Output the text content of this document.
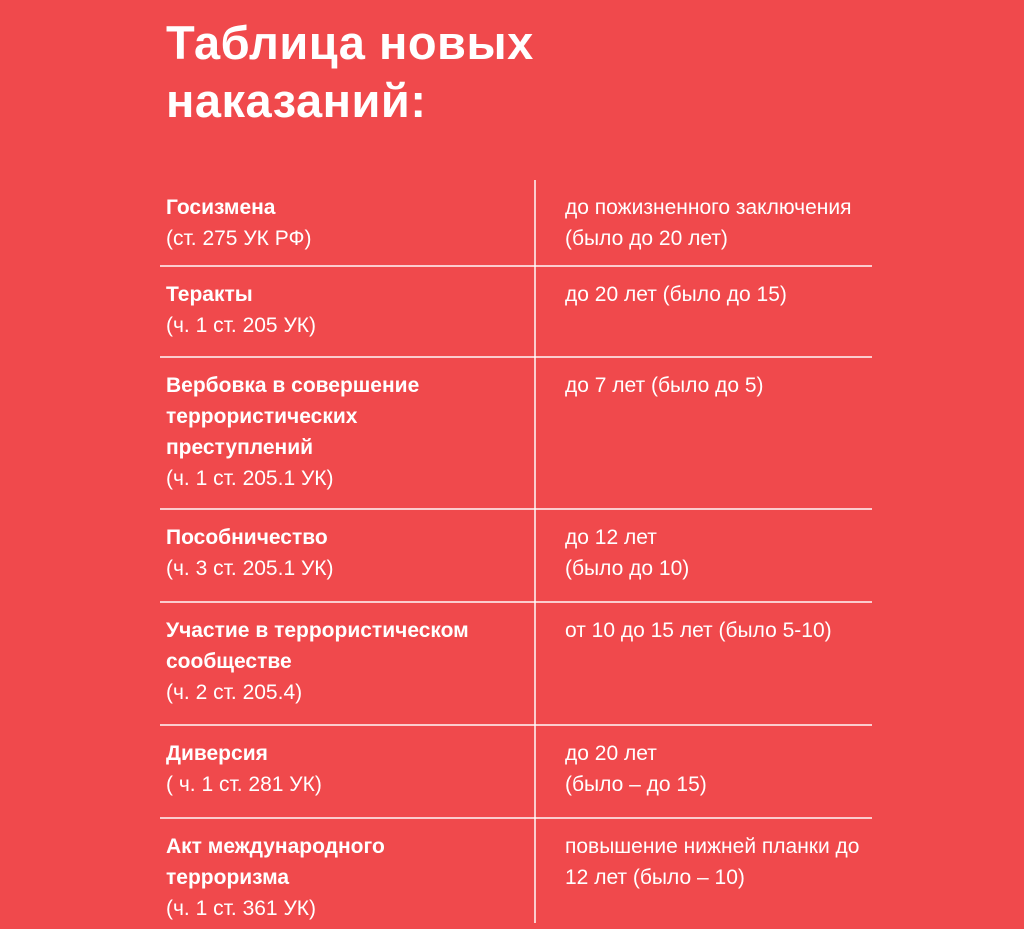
Таблица новых
наказаний:
Госизмена
(ст. 275 УК РФ)
до пожизненного заключения (было до 20 лет)
Теракты
(ч. 1 ст. 205 УК)
до 20 лет (было до 15)
Вербовка в совершение террористических преступлений
(ч. 1 ст. 205.1 УК)
до 7 лет (было до 5)
Пособничество
(ч. 3 ст. 205.1 УК)
до 12 лет (было до 10)
Участие в террористическом сообществе
(ч. 2 ст. 205.4)
от 10 до 15 лет (было 5-10)
Диверсия
( ч. 1 ст. 281 УК)
до 20 лет (было – до 15)
Акт международного терроризма
(ч. 1 ст. 361 УК)
повышение нижней планки до 12 лет (было – 10)
